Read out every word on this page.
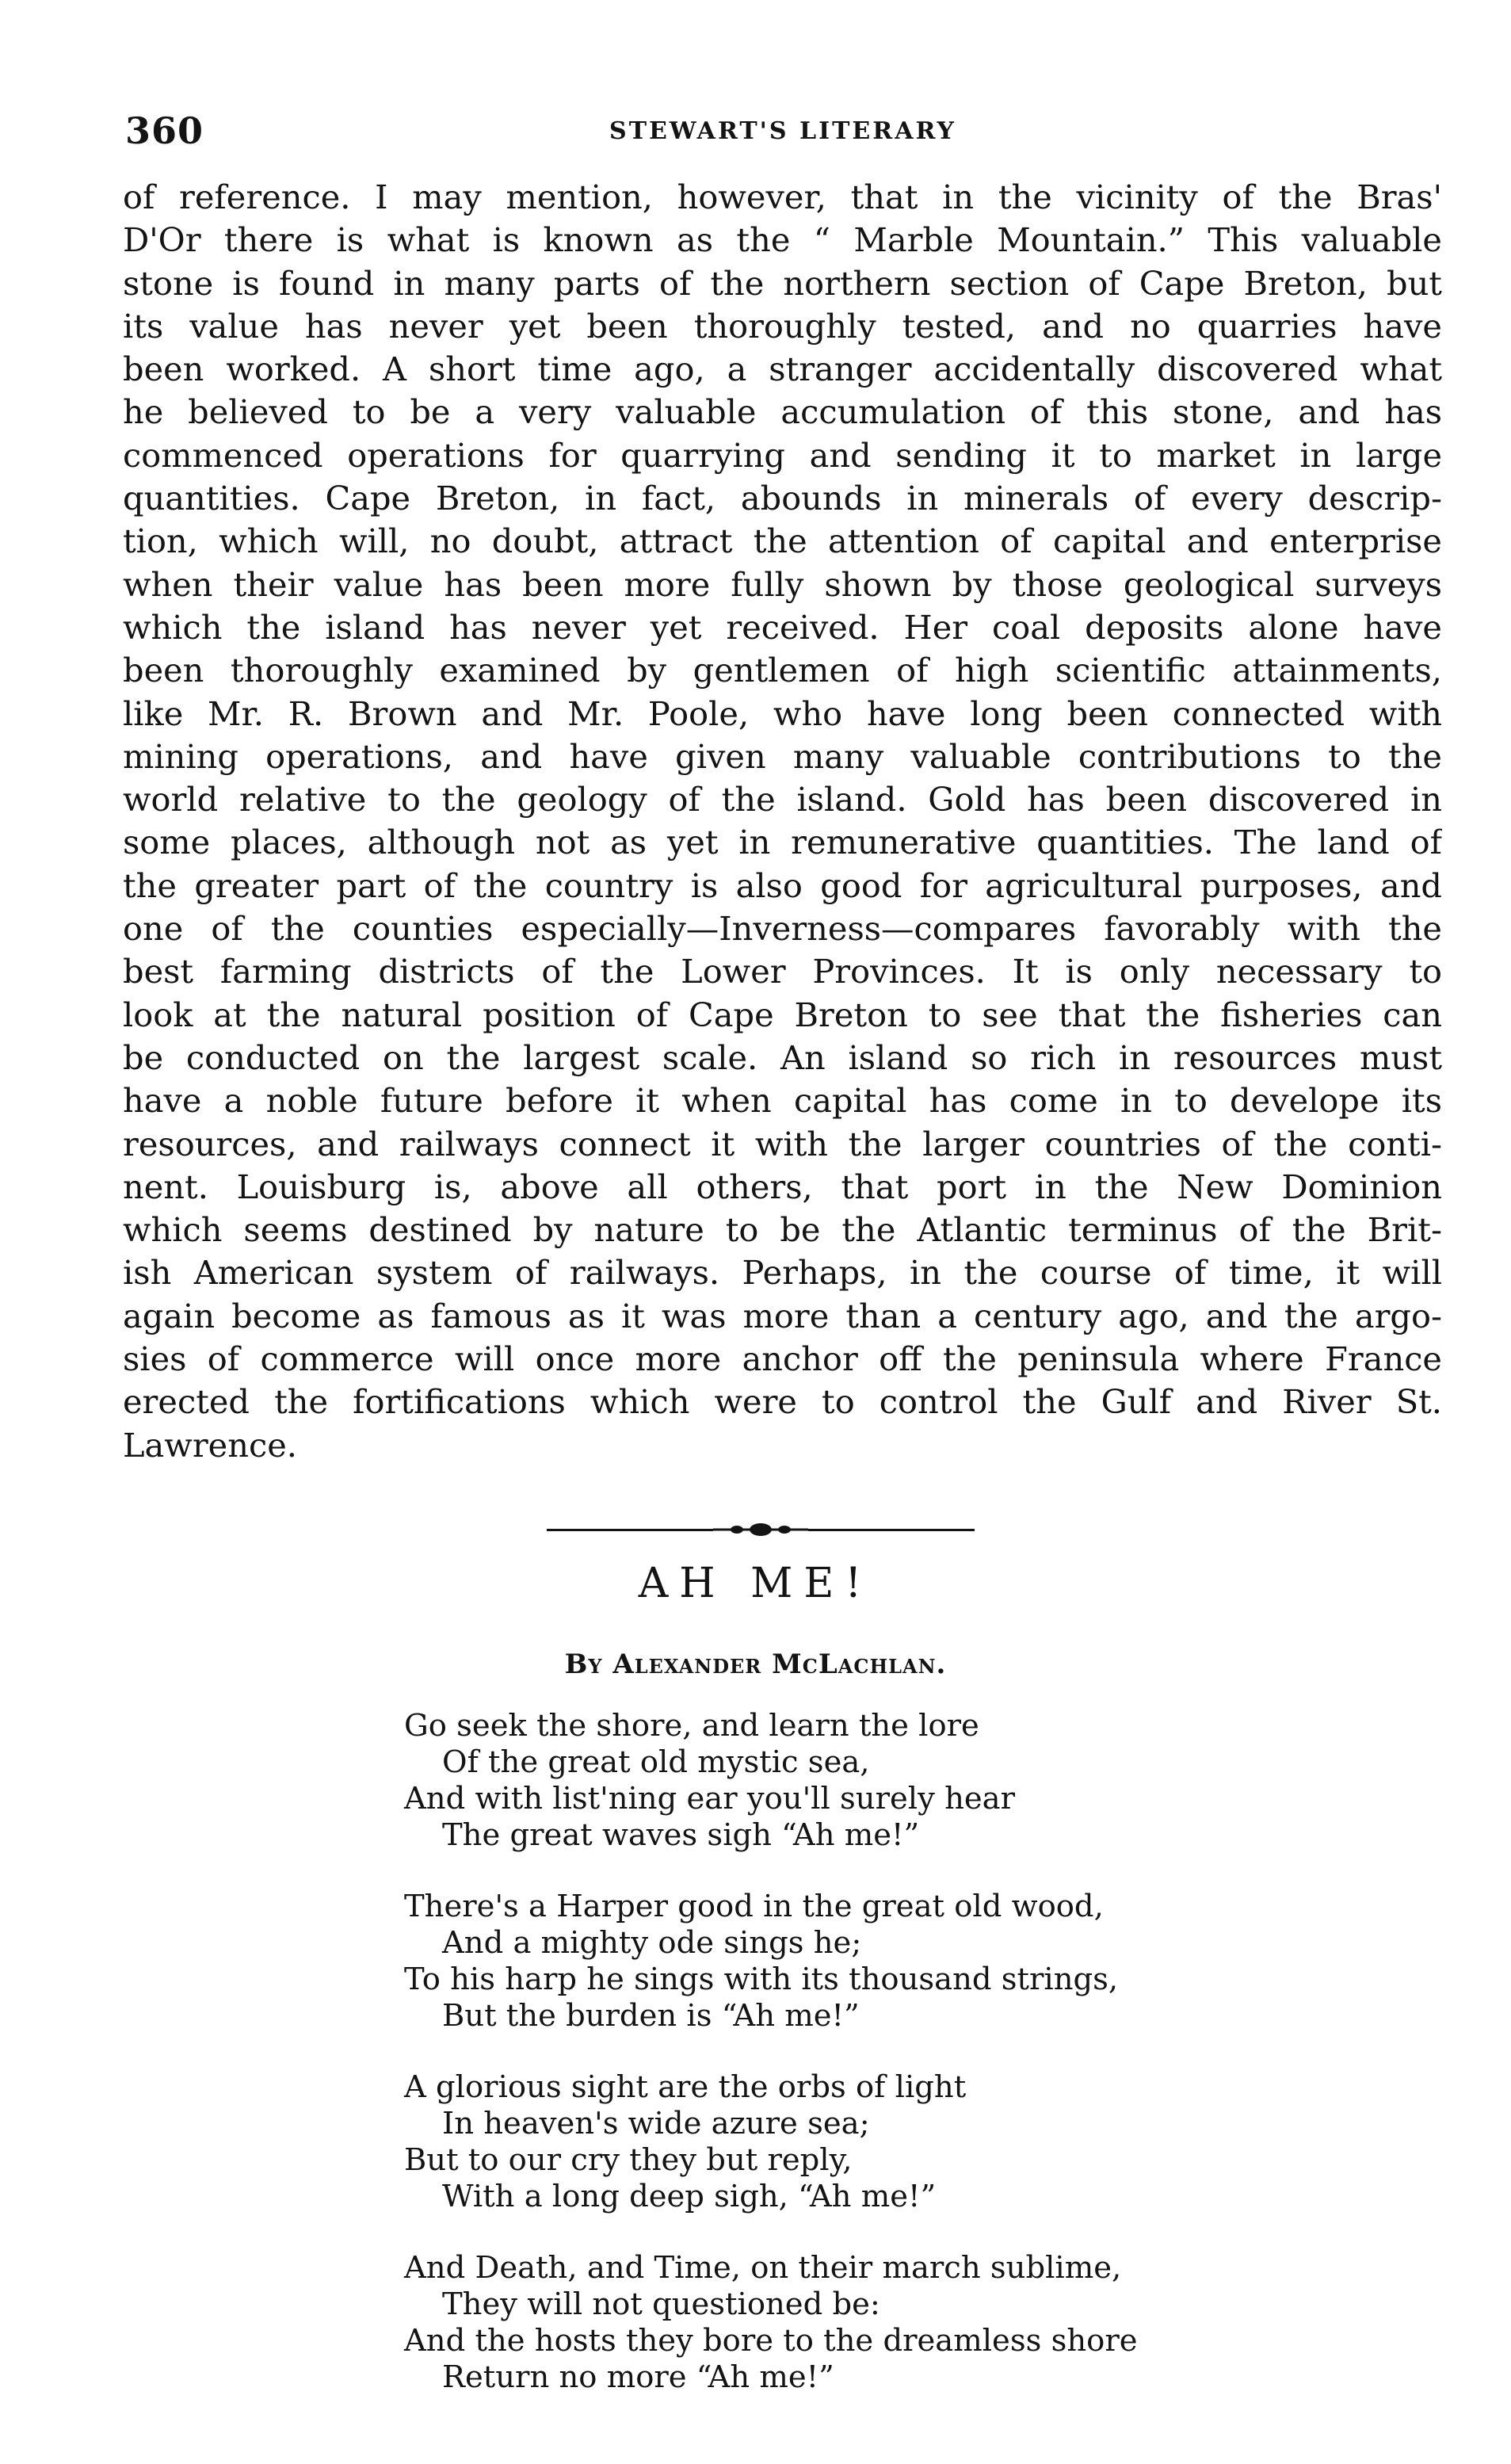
360	STEWART'S LITERARY
of reference. I may mention, however, that in the vicinity of the Bras'
D'Or there is what is known as the “ Marble Mountain.” This valuable
stone is found in many parts of the northern section of Cape Breton, but
its value has never yet been thoroughly tested, and no quarries have
been worked. A short time ago, a stranger accidentally discovered what
he believed to be a very valuable accumulation of this stone, and has
commenced operations for quarrying and sending it to market in large
quantities. Cape Breton, in fact, abounds in minerals of every descrip-
tion, which will, no doubt, attract the attention of capital and enterprise
when their value has been more fully shown by those geological surveys
which the island has never yet received. Her coal deposits alone have
been thoroughly examined by gentlemen of high scientific attainments,
like Mr. R. Brown and Mr. Poole, who have long been connected with
mining operations, and have given many valuable contributions to the
world relative to the geology of the island. Gold has been discovered in
some places, although not as yet in remunerative quantities. The land of
the greater part of the country is also good for agricultural purposes, and
one of the counties especially—Inverness—compares favorably with the
best farming districts of the Lower Provinces. It is only necessary to
look at the natural position of Cape Breton to see that the fisheries can
be conducted on the largest scale. An island so rich in resources must
have a noble future before it when capital has come in to develope its
resources, and railways connect it with the larger countries of the conti-
nent. Louisburg is, above all others, that port in the New Dominion
which seems destined by nature to be the Atlantic terminus of the Brit-
ish American system of railways. Perhaps, in the course of time, it will
again become as famous as it was more than a century ago, and the argo-
sies of commerce will once more anchor off the peninsula where France
erected the fortifications which were to control the Gulf and River St.
Lawrence.
AH ME!
By Alexander McLachlan.
Go seek the shore, and learn the lore
Of the great old mystic sea,
And with list'ning ear you'll surely hear
The great waves sigh “Ah me!”
There's a Harper good in the great old wood,
And a mighty ode sings he;
To his harp he sings with its thousand strings,
But the burden is “Ah me!”
A glorious sight are the orbs of light
In heaven's wide azure sea;
But to our cry they but reply,
With a long deep sigh, “Ah me!”
And Death, and Time, on their march sublime,
They will not questioned be:
And the hosts they bore to the dreamless shore
Return no more “Ah me!”
